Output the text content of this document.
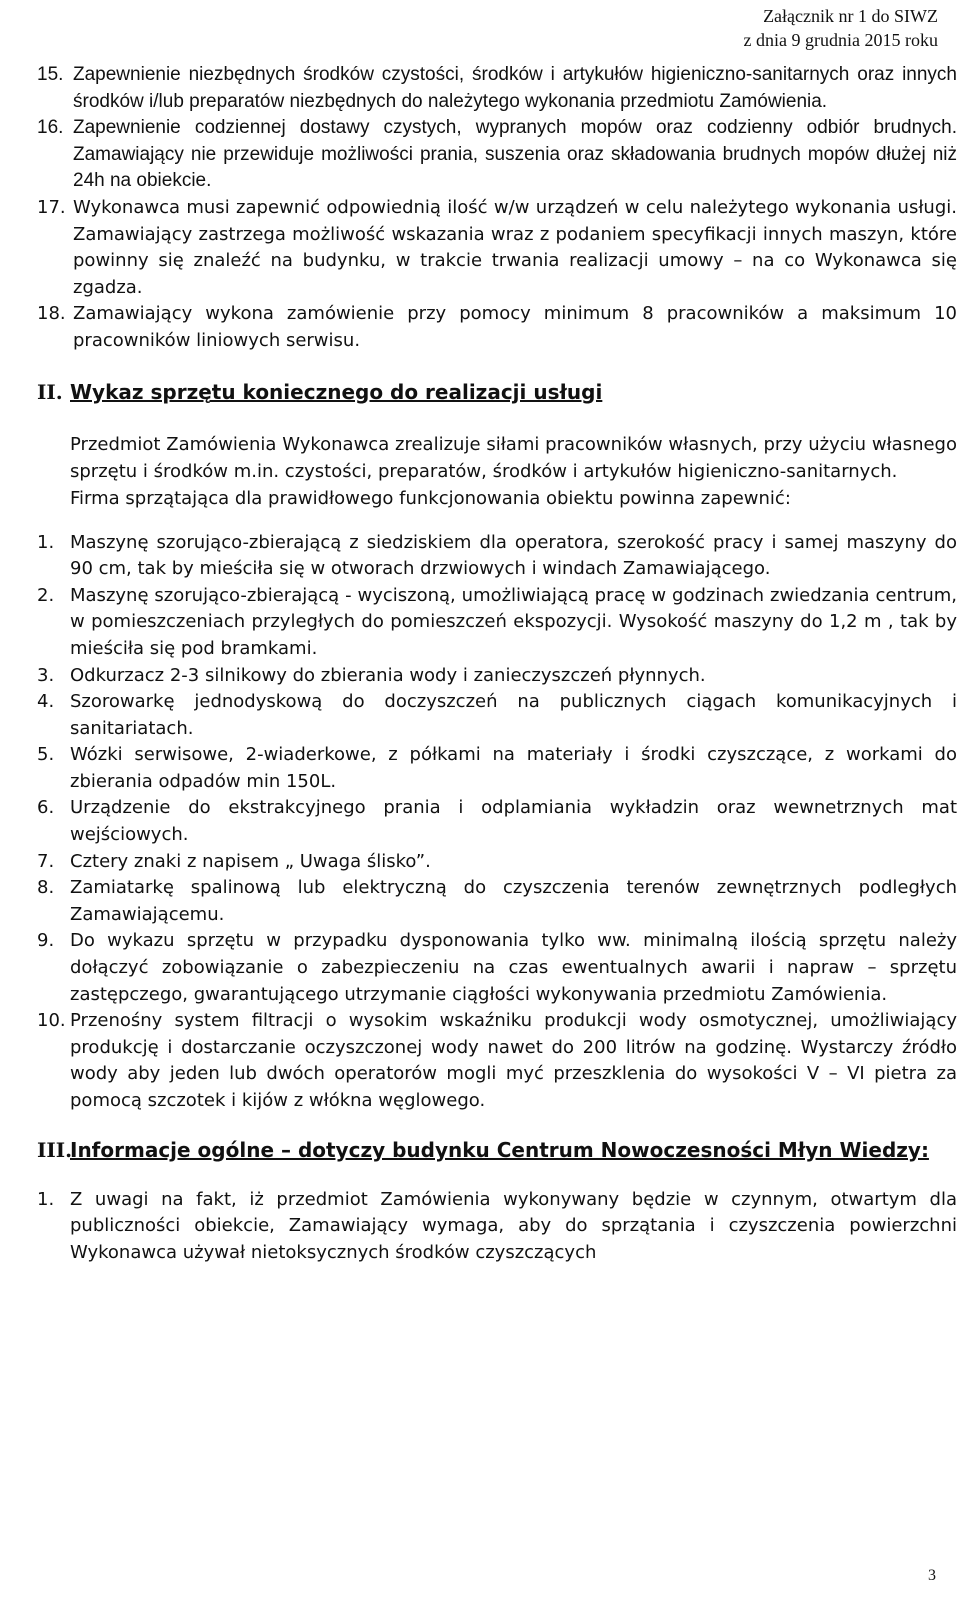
Załącznik nr 1 do SIWZ
z dnia 9 grudnia 2015 roku
15. Zapewnienie niezbędnych środków czystości, środków i artykułów higieniczno-sanitarnych oraz innych środków i/lub preparatów niezbędnych do należytego wykonania przedmiotu Zamówienia.
16. Zapewnienie codziennej dostawy czystych, wypranych mopów oraz codzienny odbiór brudnych. Zamawiający nie przewiduje możliwości prania, suszenia oraz składowania brudnych mopów dłużej niż 24h na obiekcie.
17. Wykonawca musi zapewnić odpowiednią ilość w/w urządzeń w celu należytego wykonania usługi. Zamawiający zastrzega możliwość wskazania wraz z podaniem specyfikacji innych maszyn, które powinny się znaleźć na budynku, w trakcie trwania realizacji umowy – na co Wykonawca się zgadza.
18. Zamawiający wykona zamówienie przy pomocy minimum 8 pracowników a maksimum 10 pracowników liniowych serwisu.
II. Wykaz sprzętu koniecznego do realizacji usługi
Przedmiot Zamówienia Wykonawca zrealizuje siłami pracowników własnych, przy użyciu własnego sprzętu i środków m.in. czystości, preparatów, środków i artykułów higieniczno-sanitarnych.
Firma sprzątająca dla prawidłowego funkcjonowania obiektu powinna zapewnić:
1. Maszynę szorująco-zbierającą z siedziskiem dla operatora, szerokość pracy i samej maszyny do 90 cm, tak by mieściła się w otworach drzwiowych i windach Zamawiającego.
2. Maszynę szorująco-zbierającą - wyciszoną, umożliwiającą pracę w godzinach zwiedzania centrum, w pomieszczeniach przyległych do pomieszczeń ekspozycji. Wysokość maszyny do 1,2 m , tak by mieściła się pod bramkami.
3. Odkurzacz 2-3 silnikowy do zbierania wody i zanieczyszczeń płynnych.
4. Szorowarkę jednodyskową do doczyszczeń na publicznych ciągach komunikacyjnych i sanitariatach.
5. Wózki serwisowe, 2-wiaderkowe, z półkami na materiały i środki czyszczące, z workami do zbierania odpadów min 150L.
6. Urządzenie do ekstrakcyjnego prania i odplamiania wykładzin oraz wewnetrznych mat wejściowych.
7. Cztery znaki z napisem „ Uwaga ślisko”.
8. Zamiatarkę spalinową lub elektryczną do czyszczenia terenów zewnętrznych podległych Zamawiającemu.
9. Do wykazu sprzętu w przypadku dysponowania tylko ww. minimalną ilością sprzętu należy dołączyć zobowiązanie o zabezpieczeniu na czas ewentualnych awarii i napraw – sprzętu zastępczego, gwarantującego utrzymanie ciągłości wykonywania przedmiotu Zamówienia.
10. Przenośny system filtracji o wysokim wskaźniku produkcji wody osmotycznej, umożliwiający produkcję i dostarczanie oczyszczonej wody nawet do 200 litrów na godzinę. Wystarczy źródło wody aby jeden lub dwóch operatorów mogli myć przeszklenia do wysokości V – VI pietra za pomocą szczotek i kijów z włókna węglowego.
III.
Informacje ogólne – dotyczy budynku Centrum Nowoczesności Młyn Wiedzy:
1. Z uwagi na fakt, iż przedmiot Zamówienia wykonywany będzie w czynnym, otwartym dla publiczności obiekcie, Zamawiający wymaga, aby do sprzątania i czyszczenia powierzchni Wykonawca używał nietoksycznych środków czyszczących
3
